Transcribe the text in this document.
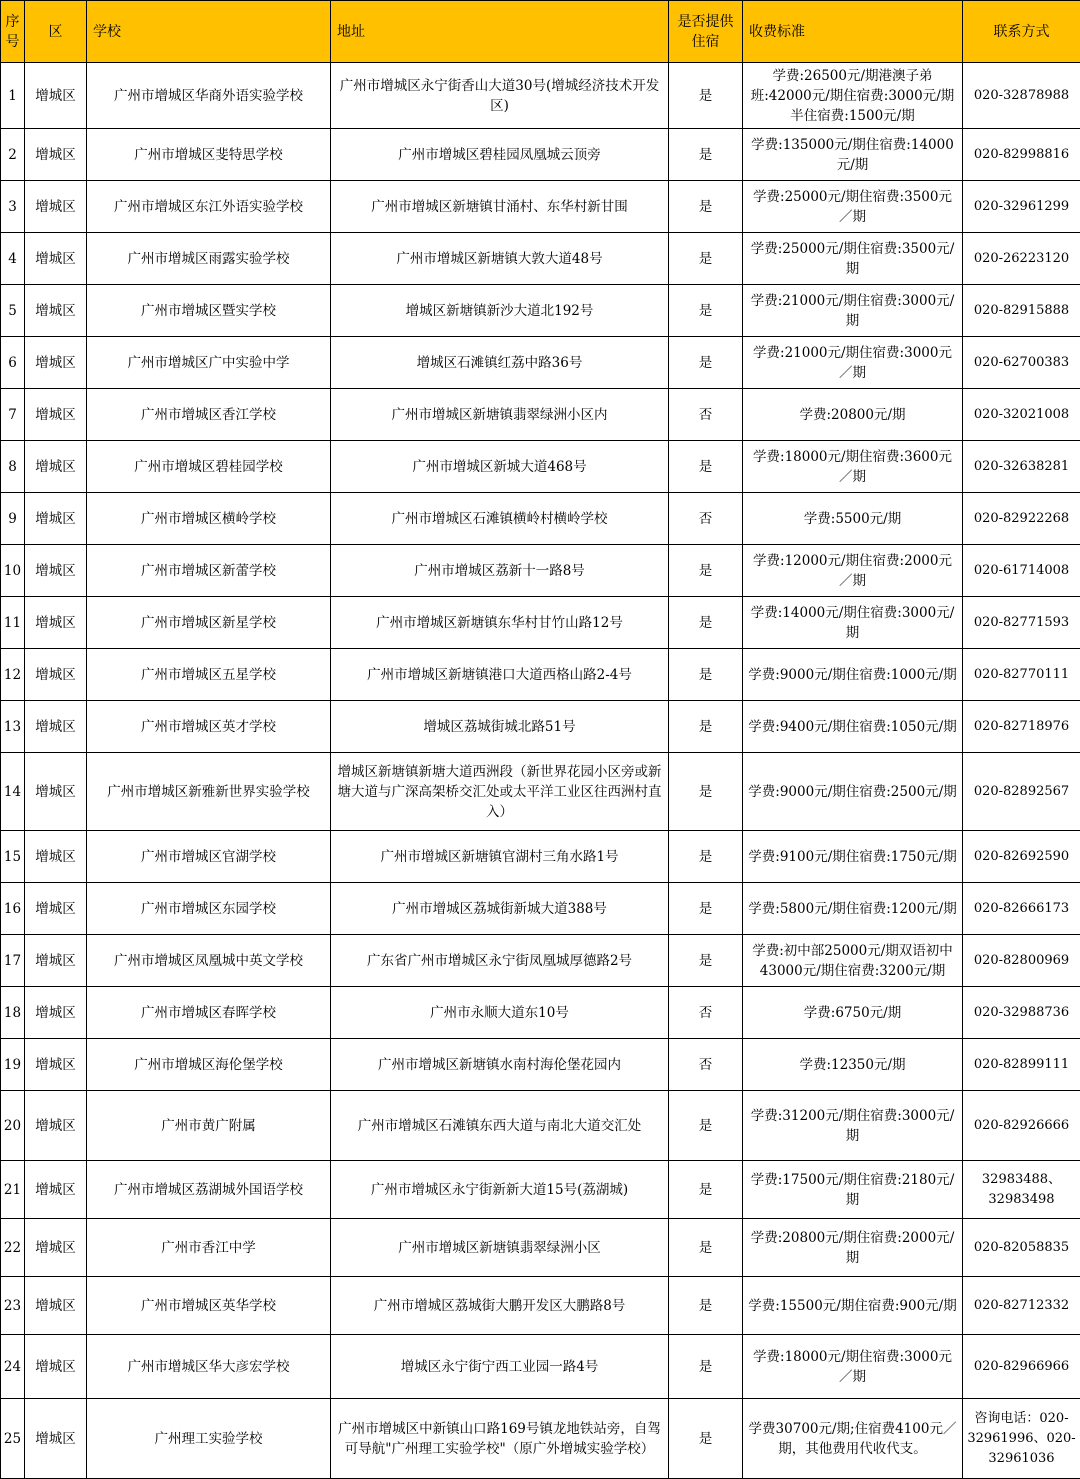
序号	区	学校	地址	是否提供住宿	收费标准	联系方式
1	增城区	广州市增城区华商外语实验学校	广州市增城区永宁街香山大道30号(增城经济技术开发区)	是	学费:26500元/期港澳子弟班:42000元/期住宿费:3000元/期半住宿费:1500元/期	020-32878988
2	增城区	广州市增城区斐特思学校	广州市增城区碧桂园凤凰城云顶旁	是	学费:135000元/期住宿费:14000元/期	020-82998816
3	增城区	广州市增城区东江外语实验学校	广州市增城区新塘镇甘涌村、东华村新甘围	是	学费:25000元/期住宿费:3500元／期	020-32961299
4	增城区	广州市增城区雨露实验学校	广州市增城区新塘镇大敦大道48号	是	学费:25000元/期住宿费:3500元/期	020-26223120
5	增城区	广州市增城区暨实学校	增城区新塘镇新沙大道北192号	是	学费:21000元/期住宿费:3000元/期	020-82915888
6	增城区	广州市增城区广中实验中学	增城区石滩镇红荔中路36号	是	学费:21000元/期住宿费:3000元／期	020-62700383
7	增城区	广州市增城区香江学校	广州市增城区新塘镇翡翠绿洲小区内	否	学费:20800元/期	020-32021008
8	增城区	广州市增城区碧桂园学校	广州市增城区新城大道468号	是	学费:18000元/期住宿费:3600元／期	020-32638281
9	增城区	广州市增城区横岭学校	广州市增城区石滩镇横岭村横岭学校	否	学费:5500元/期	020-82922268
10	增城区	广州市增城区新蕾学校	广州市增城区荔新十一路8号	是	学费:12000元/期住宿费:2000元／期	020-61714008
11	增城区	广州市增城区新星学校	广州市增城区新塘镇东华村甘竹山路12号	是	学费:14000元/期住宿费:3000元/期	020-82771593
12	增城区	广州市增城区五星学校	广州市增城区新塘镇港口大道西格山路2-4号	是	学费:9000元/期住宿费:1000元/期	020-82770111
13	增城区	广州市增城区英才学校	增城区荔城街城北路51号	是	学费:9400元/期住宿费:1050元/期	020-82718976
14	增城区	广州市增城区新雅新世界实验学校	增城区新塘镇新塘大道西洲段（新世界花园小区旁或新塘大道与广深高架桥交汇处或太平洋工业区往西洲村直入）	是	学费:9000元/期住宿费:2500元/期	020-82892567
15	增城区	广州市增城区官湖学校	广州市增城区新塘镇官湖村三角水路1号	是	学费:9100元/期住宿费:1750元/期	020-82692590
16	增城区	广州市增城区东园学校	广州市增城区荔城街新城大道388号	是	学费:5800元/期住宿费:1200元/期	020-82666173
17	增城区	广州市增城区凤凰城中英文学校	广东省广州市增城区永宁街凤凰城厚德路2号	是	学费:初中部25000元/期双语初中43000元/期住宿费:3200元/期	020-82800969
18	增城区	广州市增城区春晖学校	广州市永顺大道东10号	否	学费:6750元/期	020-32988736
19	增城区	广州市增城区海伦堡学校	广州市增城区新塘镇水南村海伦堡花园内	否	学费:12350元/期	020-82899111
20	增城区	广州市黄广附属	广州市增城区石滩镇东西大道与南北大道交汇处	是	学费:31200元/期住宿费:3000元/期	020-82926666
21	增城区	广州市增城区荔湖城外国语学校	广州市增城区永宁街新新大道15号(荔湖城)	是	学费:17500元/期住宿费:2180元/期	32983488、32983498
22	增城区	广州市香江中学	广州市增城区新塘镇翡翠绿洲小区	是	学费:20800元/期住宿费:2000元/期	020-82058835
23	增城区	广州市增城区英华学校	广州市增城区荔城街大鹏开发区大鹏路8号	是	学费:15500元/期住宿费:900元/期	020-82712332
24	增城区	广州市增城区华大彦宏学校	增城区永宁街宁西工业园一路4号	是	学费:18000元/期住宿费:3000元／期	020-82966966
25	增城区	广州理工实验学校	广州市增城区中新镇山口路169号镇龙地铁站旁，自驾可导航"广州理工实验学校"（原广外增城实验学校）	是	学费30700元/期;住宿费4100元／期，其他费用代收代支。	咨询电话：020-32961996、020-32961036
